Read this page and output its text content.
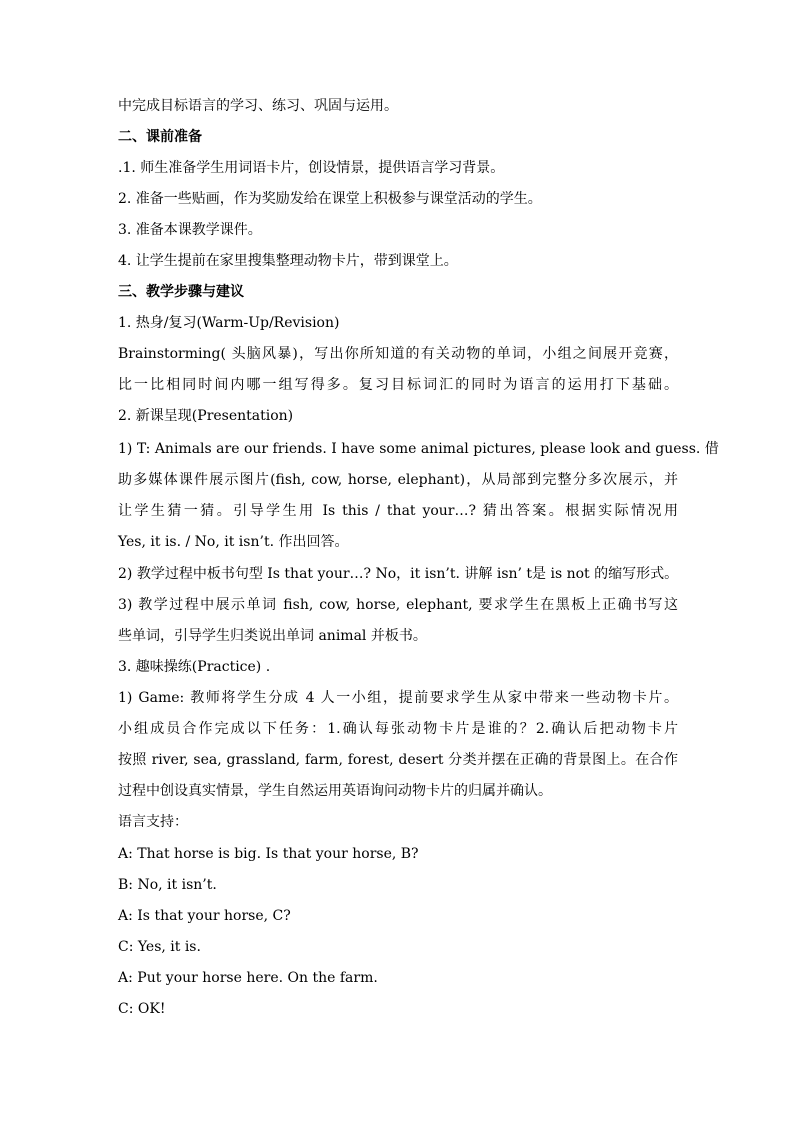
中完成目标语言的学习、练习、巩固与运用。

二、课前准备

.1. 师生准备学生用词语卡片，创设情景，提供语言学习背景。

2. 准备一些贴画，作为奖励发给在课堂上积极参与课堂活动的学生。

3. 准备本课教学课件。

4. 让学生提前在家里搜集整理动物卡片，带到课堂上。

三、教学步骤与建议

1. 热身/复习(Warm-Up/Revision)

Brainstorming( 头脑风暴)，写出你所知道的有关动物的单词，小组之间展开竞赛，

比一比相同时间内哪一组写得多。复习目标词汇的同时为语言的运用打下基础。

2. 新课呈现(Presentation)

1) T: Animals are our friends. I have some animal pictures, please look and guess. 借

助多媒体课件展示图片(fish, cow, horse, elephant)，从局部到完整分多次展示，并

让学生猜一猜。引导学生用 Is this / that your…? 猜出答案。根据实际情况用

Yes, it is. / No, it isn’t. 作出回答。

2) 教学过程中板书句型 Is that your…? No，it isn’t. 讲解 isn’ t是 is not 的缩写形式。

3) 教学过程中展示单词 fish, cow, horse, elephant, 要求学生在黑板上正确书写这

些单词，引导学生归类说出单词 animal 并板书。

3. 趣味操练(Practice) .

1) Game: 教师将学生分成 4 人一小组，提前要求学生从家中带来一些动物卡片。

小组成员合作完成以下任务：1.确认每张动物卡片是谁的？2.确认后把动物卡片

按照 river, sea, grassland, farm, forest, desert 分类并摆在正确的背景图上。在合作

过程中创设真实情景，学生自然运用英语询问动物卡片的归属并确认。

语言支持：

A: That horse is big. Is that your horse, B?

B: No, it isn’t.

A: Is that your horse, C?

C: Yes, it is.

A: Put your horse here. On the farm.

C: OK!
